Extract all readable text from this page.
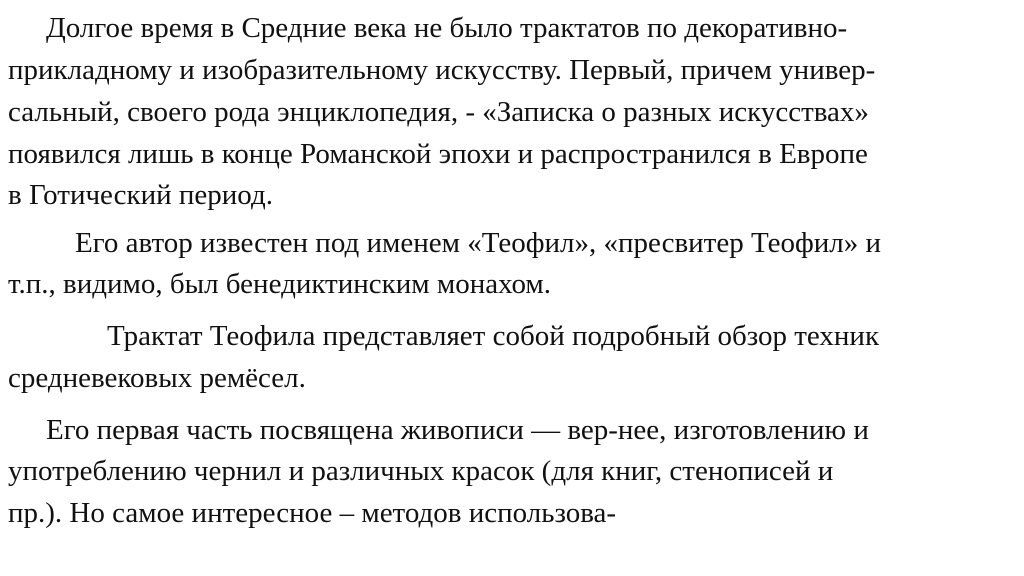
Долгое время в Средние века не было трактатов по декоративно-

прикладному и изобразительному искусству. Первый, причем универ-

сальный, своего рода энциклопедия, - «Записка о разных искусствах»

появился лишь в конце Романской эпохи и распространился в Европе

в Готический период.

Его автор известен под именем «Теофил», «пресвитер Теофил» и

т.п., видимо, был бенедиктинским монахом.

Трактат Теофила представляет собой подробный обзор техник

средневековых ремёсел.

Его первая часть посвящена живописи — вер-нее, изготовлению и

употреблению чернил и различных красок (для книг, стенописей и

пр.). Но самое интересное – методов использова-
